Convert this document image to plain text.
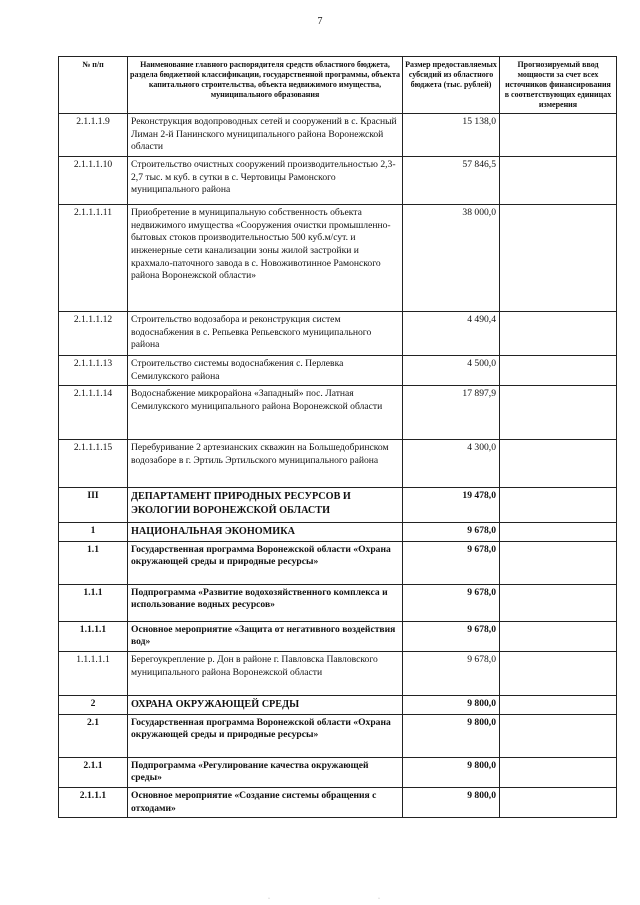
7
№ п/п	Наименование главного распорядителя средств областного бюджета, раздела бюджетной классификации, государственной программы, объекта капитального строительства, объекта недвижимого имущества, муниципального образования	Размер предоставляемых субсидий из областного бюджета (тыс. рублей)	Прогнозируемый ввод мощности за счет всех источников финансирования в соответствующих единицах измерения
2.1.1.1.9	Реконструкция водопроводных сетей и сооружений в с. Красный Лиман 2-й Панинского муниципального района Воронежской области	15 138,0	
2.1.1.1.10	Строительство очистных сооружений производительностью 2,3-2,7 тыс. м куб. в сутки в с. Чертовицы Рамонского муниципального района	57 846,5	
2.1.1.1.11	Приобретение в муниципальную собственность объекта недвижимого имущества «Сооружения очистки промышленно-бытовых стоков производительностью 500 куб.м/сут. и инженерные сети канализации зоны жилой застройки и крахмало-паточного завода в с. Новоживотинное Рамонского района Воронежской области»	38 000,0	
2.1.1.1.12	Строительство водозабора и реконструкция систем водоснабжения в с. Репьевка Репьевского муниципального района	4 490,4	
2.1.1.1.13	Строительство системы водоснабжения с. Перлевка Семилукского района	4 500,0	
2.1.1.1.14	Водоснабжение микрорайона «Западный» пос. Латная Семилукского муниципального района Воронежской области	17 897,9	
2.1.1.1.15	Перебуривание 2 артезианских скважин на Большедобринском водозаборе в г. Эртиль Эртильского муниципального района	4 300,0	
III	ДЕПАРТАМЕНТ ПРИРОДНЫХ РЕСУРСОВ И ЭКОЛОГИИ ВОРОНЕЖСКОЙ ОБЛАСТИ	19 478,0	
1	НАЦИОНАЛЬНАЯ ЭКОНОМИКА	9 678,0	
1.1	Государственная программа Воронежской области «Охрана окружающей среды и природные ресурсы»	9 678,0	
1.1.1	Подпрограмма «Развитие водохозяйственного комплекса и использование водных ресурсов»	9 678,0	
1.1.1.1	Основное мероприятие «Защита от негативного воздействия вод»	9 678,0	
1.1.1.1.1	Берегоукрепление р. Дон в районе г. Павловска Павловского муниципального района Воронежской области	9 678,0	
2	ОХРАНА ОКРУЖАЮЩЕЙ СРЕДЫ	9 800,0	
2.1	Государственная программа Воронежской области «Охрана окружающей среды и природные ресурсы»	9 800,0	
2.1.1	Подпрограмма «Регулирование качества окружающей среды»	9 800,0	
2.1.1.1	Основное мероприятие «Создание системы обращения с отходами»	9 800,0	
·	·
